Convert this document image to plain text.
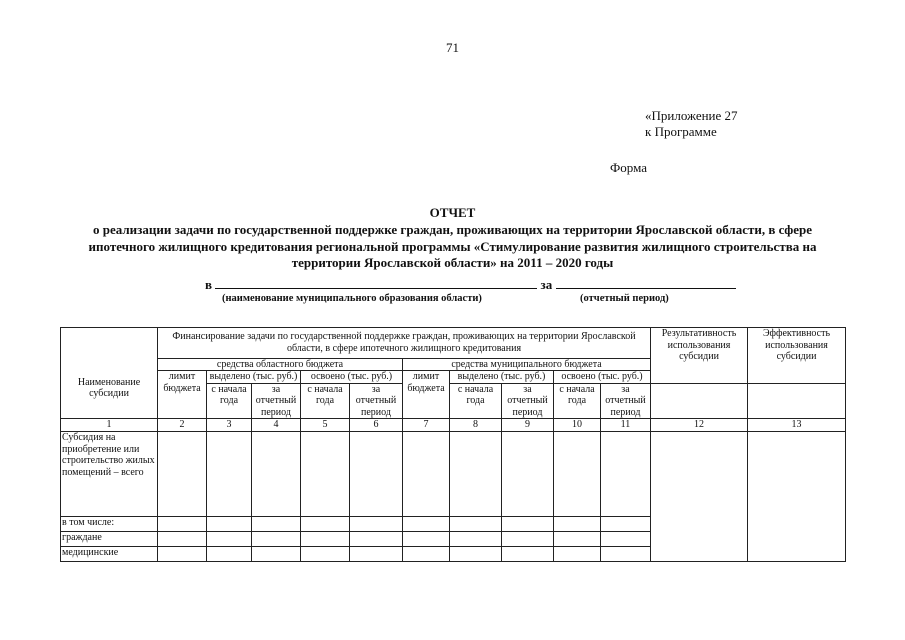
71
«Приложение 27
к Программе
Форма
ОТЧЕТ
о реализации задачи по государственной поддержке граждан, проживающих на территории Ярославской области, в сфере ипотечного жилищного кредитования региональной программы «Стимулирование развития жилищного строительства на территории Ярославской области» на 2011 – 2020 годы
в	за
(наименование муниципального образования области)	(отчетный период)
	Финансирование задачи по государственной поддержке граждан, проживающих на территории Ярославской области, в сфере ипотечного жилищного кредитования										Результативность использования субсидии	Эффективность использования субсидии

Наименование субсидии	средства областного бюджета					средства муниципального бюджета						
	лимит бюджета	выделено (тыс. руб.)		освоено (тыс. руб.)		лимит бюджета	выделено (тыс. руб.)		освоено (тыс. руб.)			
		с начала года	за отчетный период	с начала года	за отчетный период		с начала года	за отчетный период	с начала года	за отчетный период		
1	2	3	4	5	6	7	8	9	10	11	12	13
Субсидия на приобретение или строительство жилых помещений – всего												
в том числе:												
граждане												
медицинские												
